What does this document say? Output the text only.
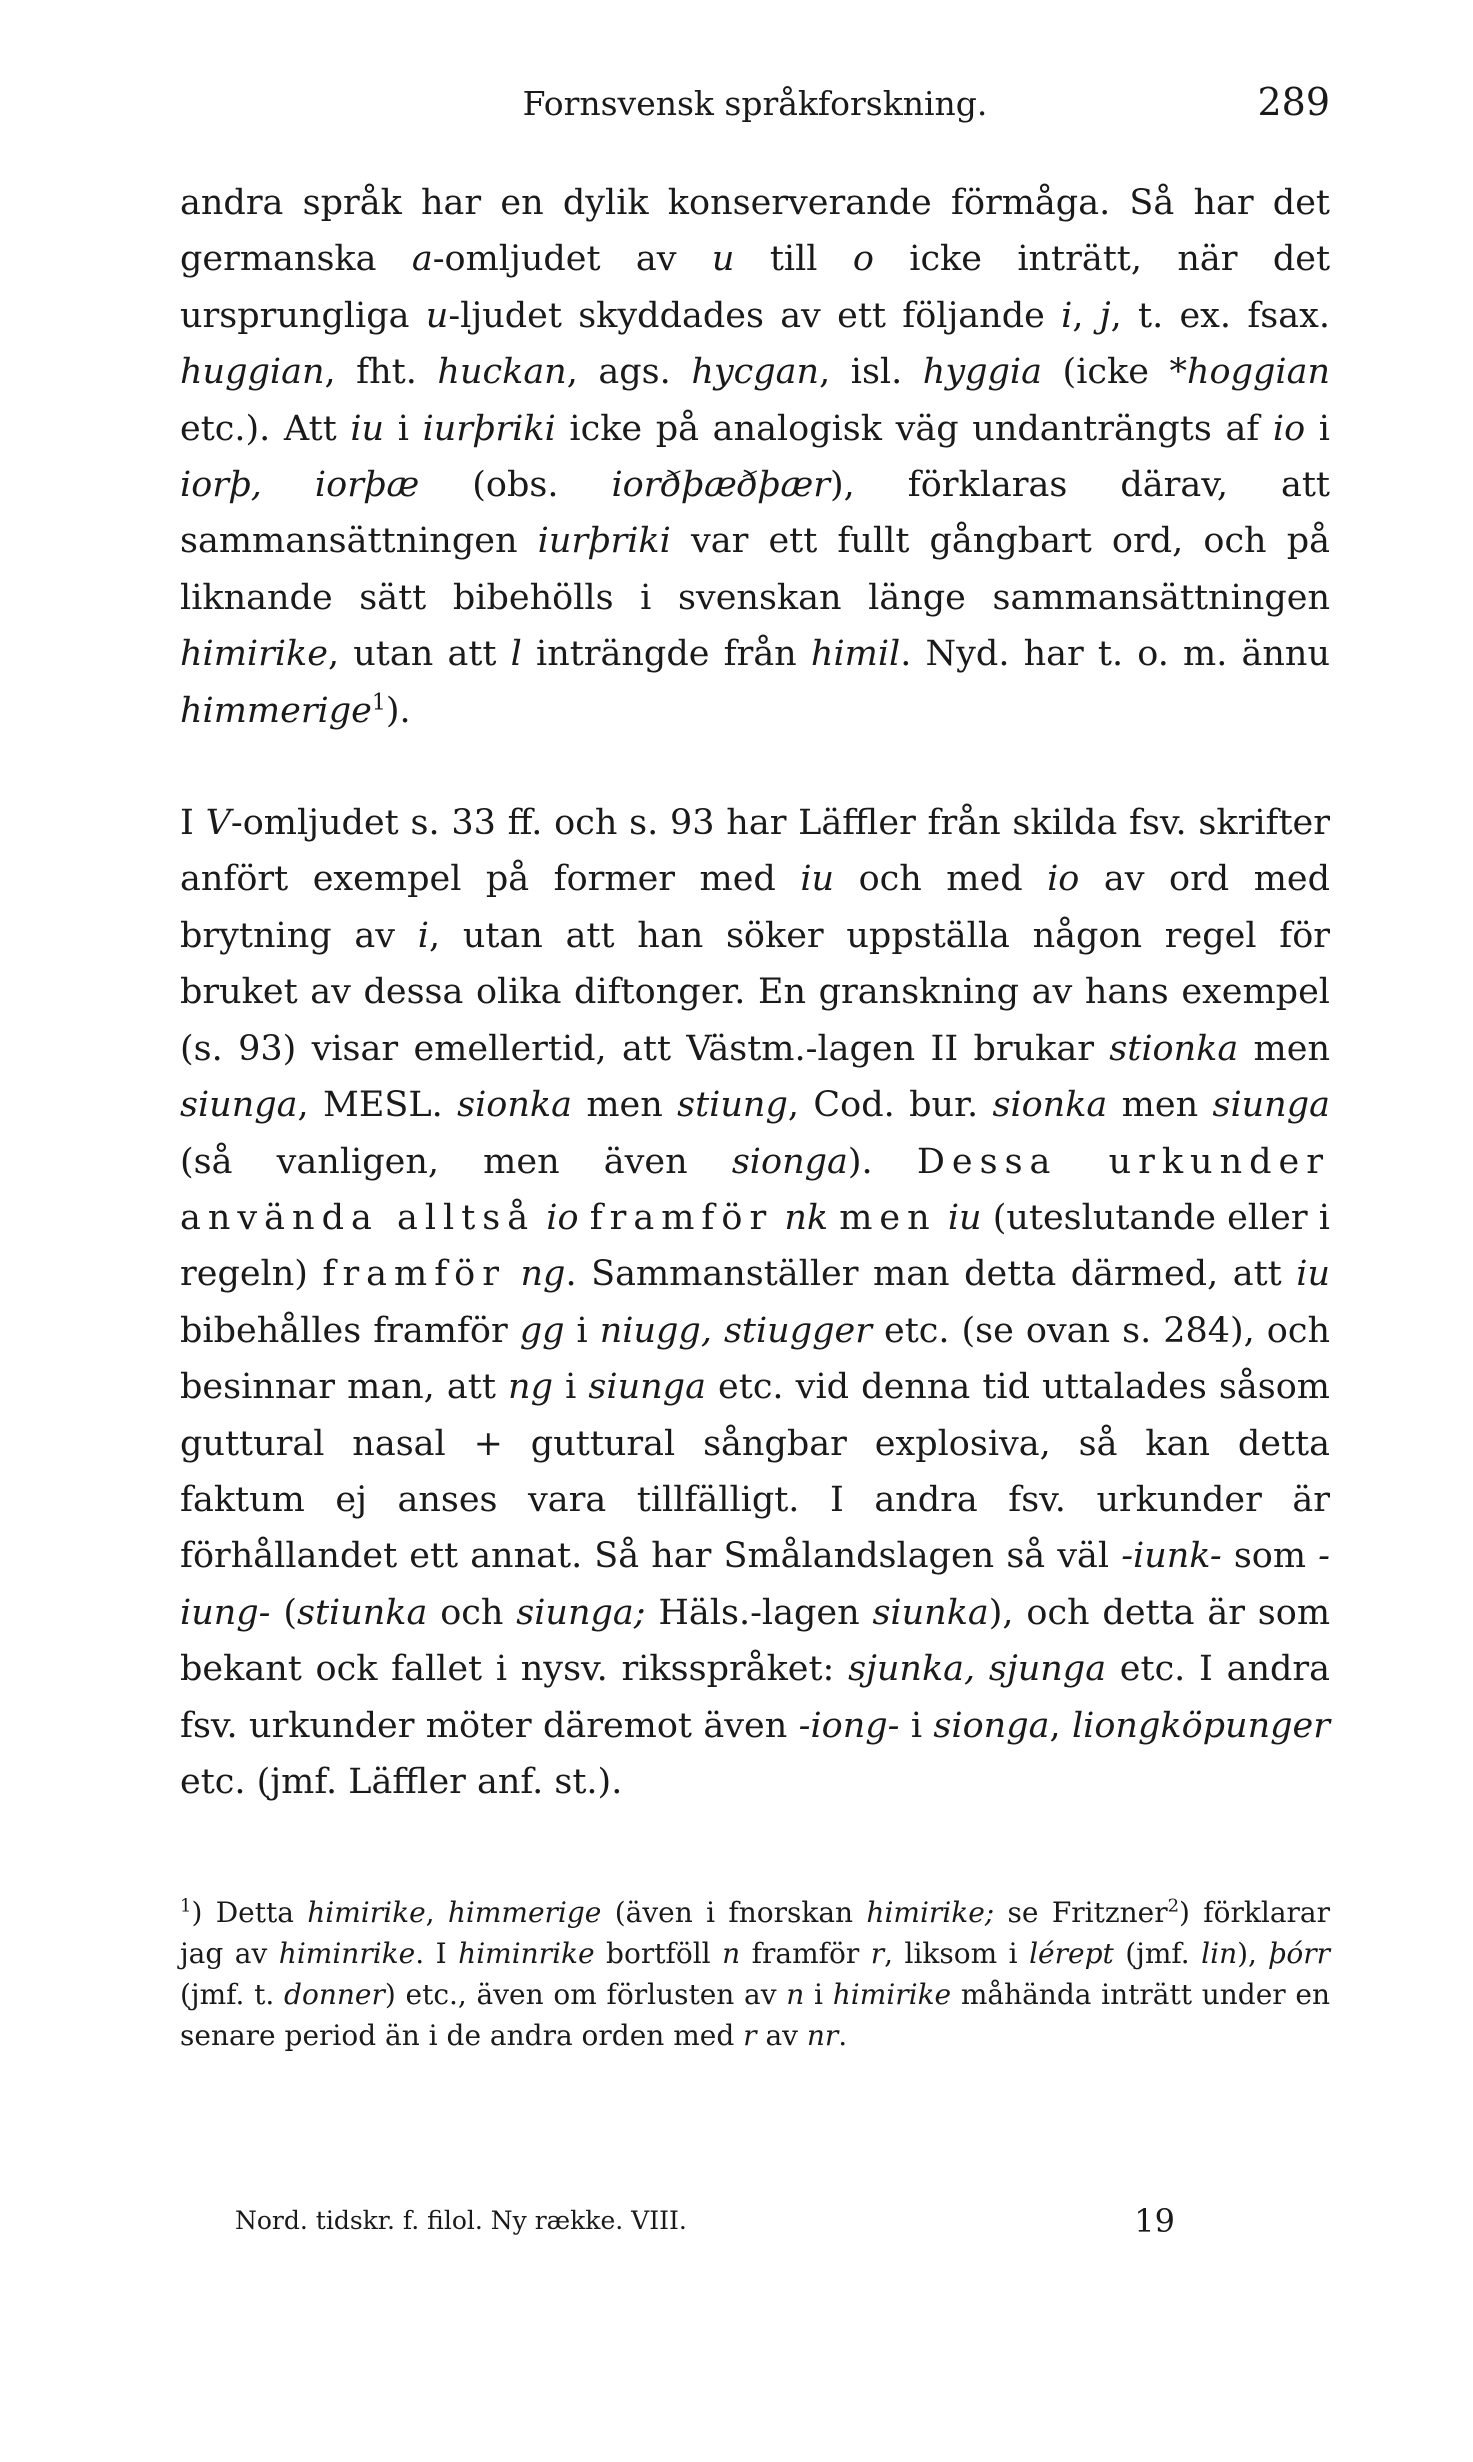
Fornsvensk språkforskning.	289

andra språk har en dylik konserverande förmåga. Så har det germanska a-omljudet av u till o icke inträtt, när det ursprungliga u-ljudet skyddades av ett följande i, j, t. ex. fsax. huggian, fht. huckan, ags. hycgan, isl. hyggia (icke *hoggian etc.). Att iu i iurþriki icke på analogisk väg undanträngts af io i iorþ, iorþæ (obs. iorðþæðþær), förklaras därav, att sammansättningen iurþriki var ett fullt gångbart ord, och på liknande sätt bibehölls i svenskan länge sammansättningen himirike, utan att l inträngde från himil. Nyd. har t. o. m. ännu himmerige$^1$).

I V-omljudet s. 33 ff. och s. 93 har Läffler från skilda fsv. skrifter anfört exempel på former med iu och med io av ord med brytning av i, utan att han söker uppställa någon regel för bruket av dessa olika diftonger. En granskning av hans exempel (s. 93) visar emellertid, att Västm.-lagen II brukar stionka men siunga, MESL. sionka men stiung, Cod. bur. sionka men siunga (så vanligen, men även sionga). Dessa urkunder använda alltså io framför nk men iu (uteslutande eller i regeln) framför ng. Sammanställer man detta därmed, att iu bibehålles framför gg i niugg, stiugger etc. (se ovan s. 284), och besinnar man, att ng i siunga etc. vid denna tid uttalades såsom guttural nasal + guttural sångbar explosiva, så kan detta faktum ej anses vara tillfälligt. I andra fsv. urkunder är förhållandet ett annat. Så har Smålandslagen så väl -iunk- som -iung- (stiunka och siunga; Häls.-lagen siunka), och detta är som bekant ock fallet i nysv. riksspråket: sjunka, sjunga etc. I andra fsv. urkunder möter däremot även -iong- i sionga, liongköpunger etc. (jmf. Läffler anf. st.).

$^1$) Detta himirike, himmerige (även i fnorskan himirike; se Fritzner$^2$) förklarar jag av himinrike. I himinrike bortföll n framför r, liksom i lérept (jmf. lin), þórr (jmf. t. donner) etc., även om förlusten av n i himirike måhända inträtt under en senare period än i de andra orden med r av nr.

Nord. tidskr. f. filol. Ny række. VIII.	19
